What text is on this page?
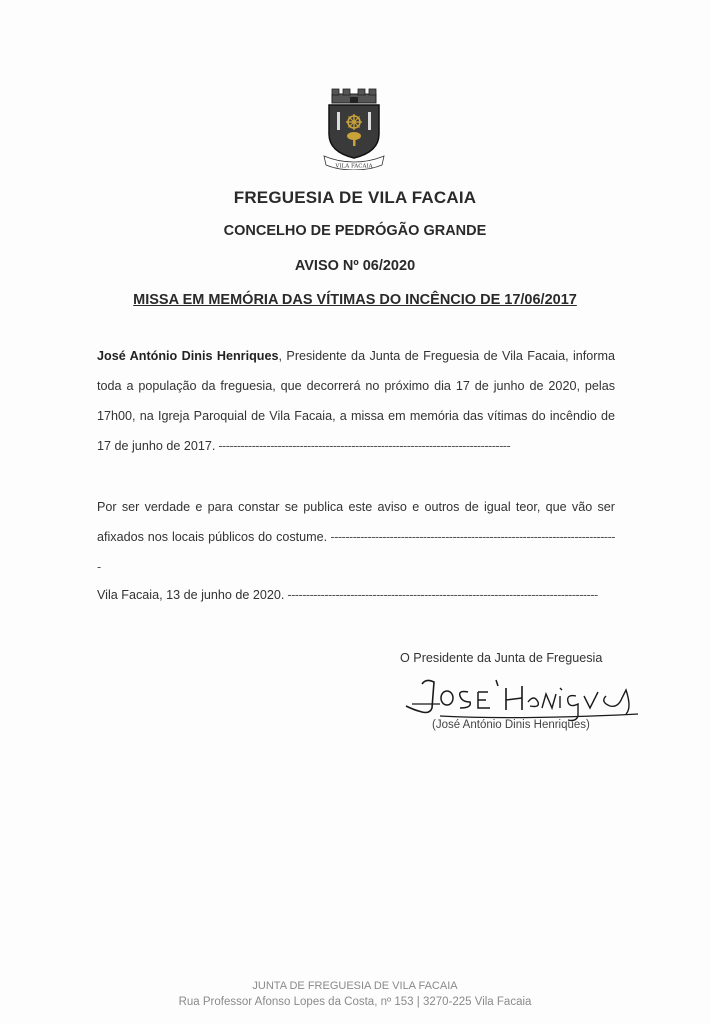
VILA FACAIA
FREGUESIA DE VILA FACAIA
CONCELHO DE PEDRÓGÃO GRANDE
AVISO Nº 06/2020
MISSA EM MEMÓRIA DAS VÍTIMAS DO INCÊNCIO DE 17/06/2017
José António Dinis Henriques, Presidente da Junta de Freguesia de Vila Facaia, informa toda a população da freguesia, que decorrerá no próximo dia 17 de junho de 2020, pelas 17h00, na Igreja Paroquial de Vila Facaia, a missa em memória das vítimas do incêndio de 17 de junho de 2017. -------------------------------------------------------------------------------
Por ser verdade e para constar se publica este aviso e outros de igual teor, que vão ser afixados nos locais públicos do costume. ------------------------------------------------------------------------------
Vila Facaia, 13 de junho de 2020. ------------------------------------------------------------------------------------
O Presidente da Junta de Freguesia
(José António Dinis Henriques)
JUNTA DE FREGUESIA DE VILA FACAIA
Rua Professor Afonso Lopes da Costa, nº 153 | 3270-225 Vila Facaia
